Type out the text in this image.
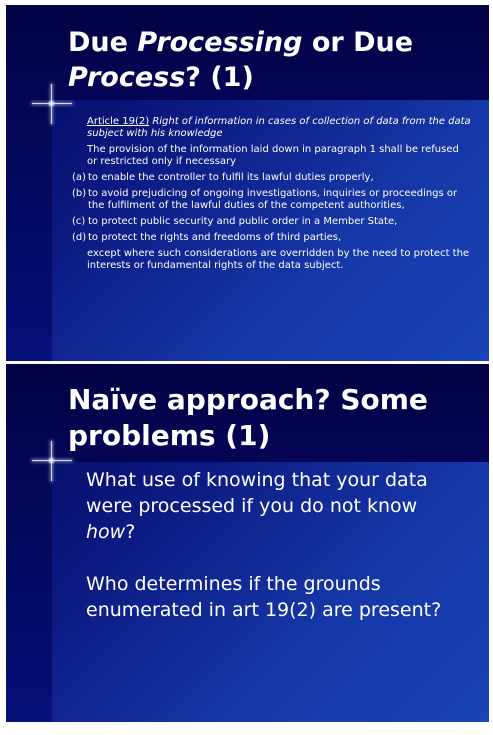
Due Processing or Due
Process? (1)

Article 19(2) Right of information in cases of collection of data from the data subject with his knowledge

The provision of the information laid down in paragraph 1 shall be refused or restricted only if necessary

(a) to enable the controller to fulfil its lawful duties properly,

(b) to avoid prejudicing of ongoing investigations, inquiries or proceedings or the fulfilment of the lawful duties of the competent authorities,

(c) to protect public security and public order in a Member State,

(d) to protect the rights and freedoms of third parties,

except where such considerations are overridden by the need to protect the interests or fundamental rights of the data subject.

Naïve approach? Some
problems (1)

What use of knowing that your data were processed if you do not know how?

Who determines if the grounds enumerated in art 19(2) are present?
